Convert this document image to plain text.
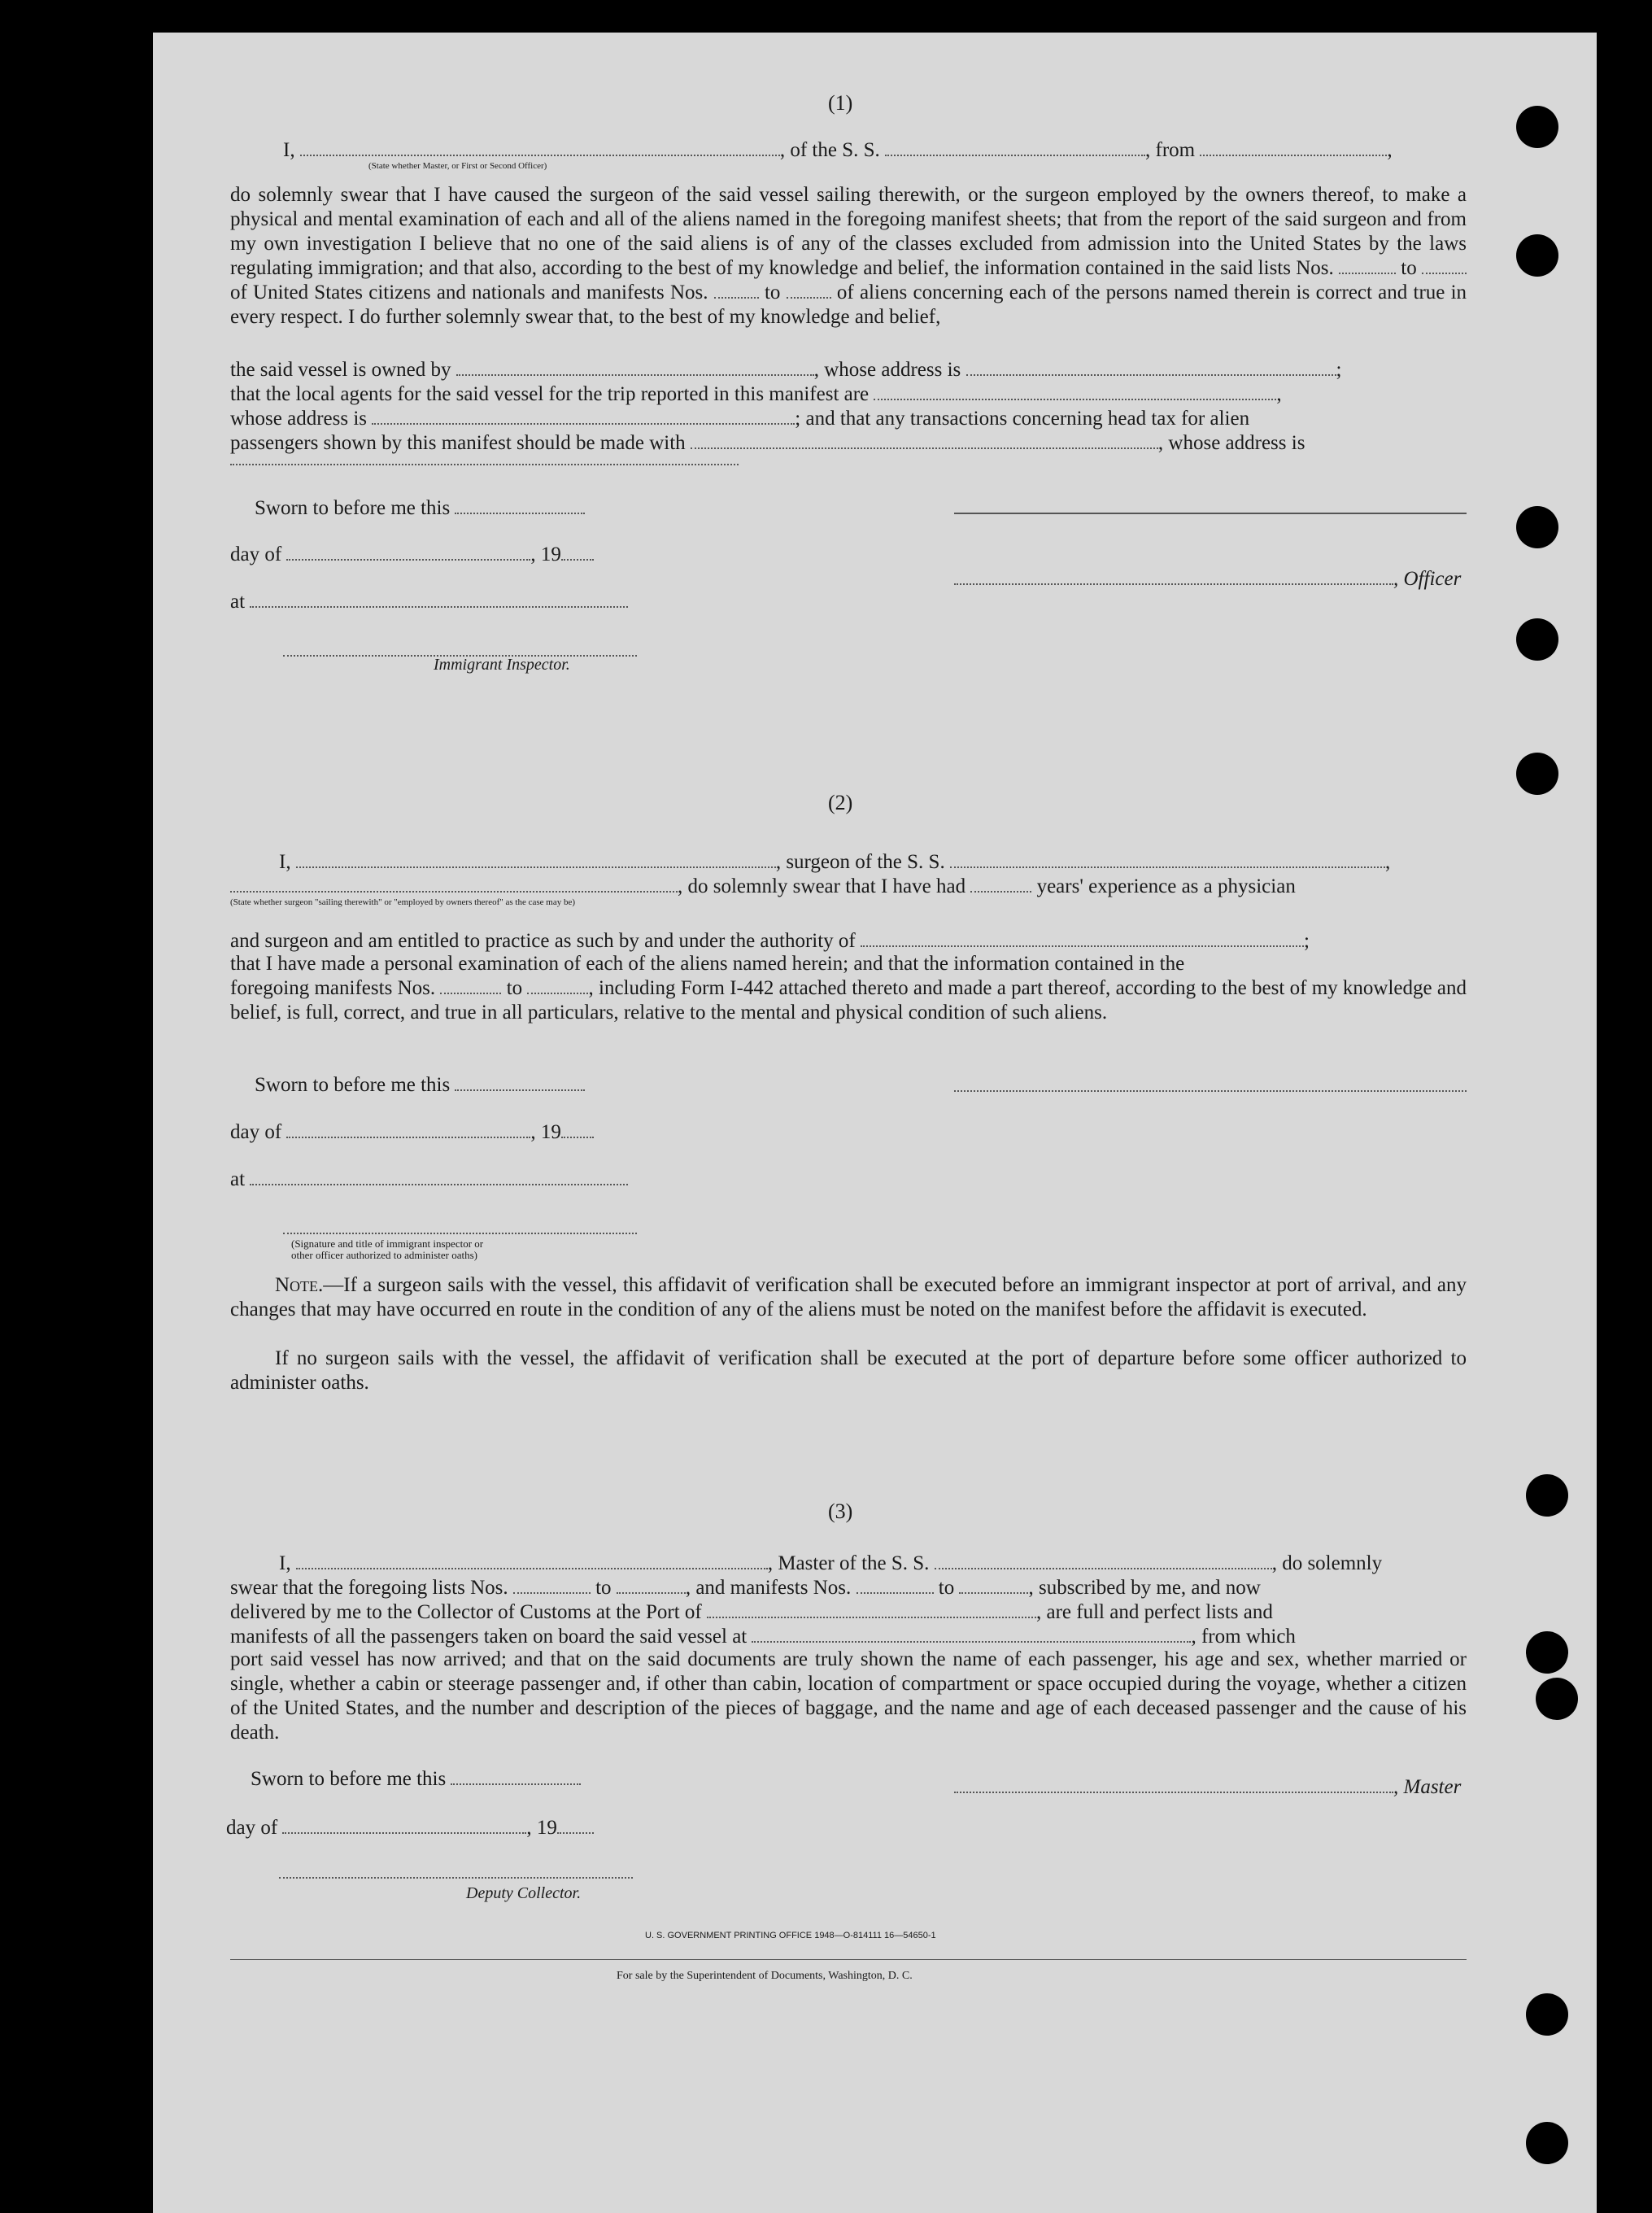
(1)
I,	, of the S. S.	, from	,
(State whether Master, or First or Second Officer)
do solemnly swear that I have caused the surgeon of the said vessel sailing therewith, or the surgeon employed by the owners thereof, to make a physical and mental examination of each and all of the aliens named in the foregoing manifest sheets; that from the report of the said surgeon and from my own investigation I believe that no one of the said aliens is of any of the classes excluded from admission into the United States by the laws regulating immigration; and that also, according to the best of my knowledge and belief, the information contained in the said lists Nos.	to  of United States citizens and nationals and manifests Nos.	to	of aliens concerning each of the persons named therein is correct and true in every respect. I do further solemnly swear that, to the best of my knowledge and belief,
the said vessel is owned by	, whose address is	;
that the local agents for the said vessel for the trip reported in this manifest are	,
whose address is	; and that any transactions concerning head tax for alien
passengers shown by this manifest should be made with	, whose address is
Sworn to before me this
day of	, 19
, Officer
at
Immigrant Inspector.
(2)
I,	, surgeon of the S. S.	,
, do solemnly swear that I have had	years' experience as a physician
(State whether surgeon "sailing therewith" or "employed by owners thereof" as the case may be)
and surgeon and am entitled to practice as such by and under the authority of	;
that I have made a personal examination of each of the aliens named herein; and that the information contained in the
foregoing manifests Nos.	to	, including Form I-442 attached thereto and made a part thereof, according to the best of my knowledge and belief, is full, correct, and true in all particulars, relative to the mental and physical condition of such aliens.
Sworn to before me this
day of	, 19
at
(Signature and title of immigrant inspector or
other officer authorized to administer oaths)
Note.—If a surgeon sails with the vessel, this affidavit of verification shall be executed before an immigrant inspector at port of arrival, and any changes that may have occurred en route in the condition of any of the aliens must be noted on the manifest before the affidavit is executed.
If no surgeon sails with the vessel, the affidavit of verification shall be executed at the port of departure before some officer authorized to administer oaths.
(3)
I,	, Master of the S. S.	, do solemnly
swear that the foregoing lists Nos.	to	, and manifests Nos.	to	, subscribed by me, and now
delivered by me to the Collector of Customs at the Port of	, are full and perfect lists and
manifests of all the passengers taken on board the said vessel at	, from which
port said vessel has now arrived; and that on the said documents are truly shown the name of each passenger, his age and sex, whether married or single, whether a cabin or steerage passenger and, if other than cabin, location of compartment or space occupied during the voyage, whether a citizen of the United States, and the number and description of the pieces of baggage, and the name and age of each deceased passenger and the cause of his death.
Sworn to before me this	, Master
day of	, 19
Deputy Collector.
U. S. GOVERNMENT PRINTING OFFICE 1948—O-814111 16—54650-1
For sale by the Superintendent of Documents, Washington, D. C.
